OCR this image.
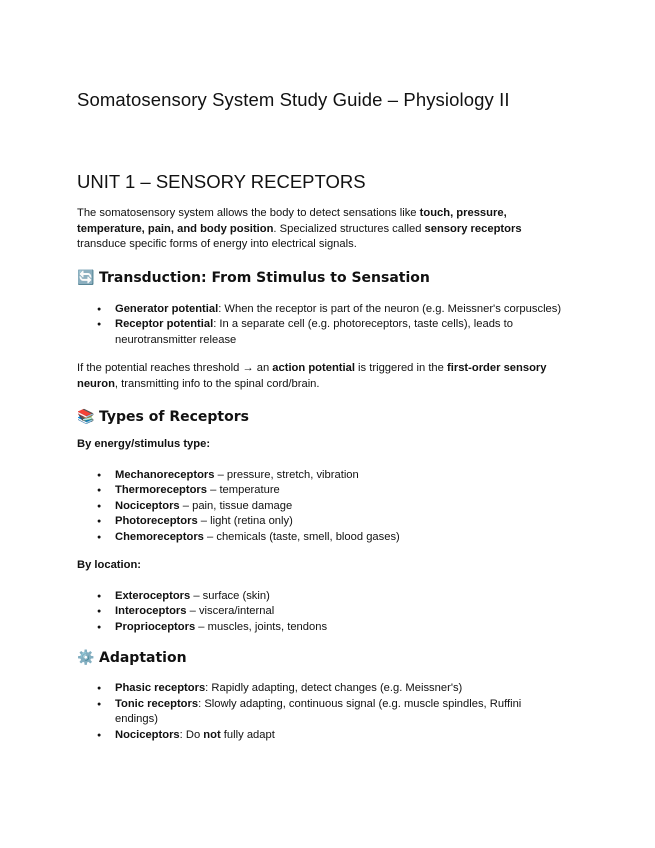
Somatosensory System Study Guide – Physiology II
UNIT 1 – SENSORY RECEPTORS

The somatosensory system allows the body to detect sensations like touch, pressure, temperature, pain, and body position. Specialized structures called sensory receptors transduce specific forms of energy into electrical signals.

🔄 Transduction: From Stimulus to Sensation
● Generator potential: When the receptor is part of the neuron (e.g. Meissner's corpuscles)
● Receptor potential: In a separate cell (e.g. photoreceptors, taste cells), leads to neurotransmitter release

If the potential reaches threshold → an action potential is triggered in the first-order sensory neuron, transmitting info to the spinal cord/brain.

📚 Types of Receptors

By energy/stimulus type:

● Mechanoreceptors – pressure, stretch, vibration
● Thermoreceptors – temperature
● Nociceptors – pain, tissue damage
● Photoreceptors – light (retina only)
● Chemoreceptors – chemicals (taste, smell, blood gases)

By location:

● Exteroceptors – surface (skin)
● Interoceptors – viscera/internal
● Proprioceptors – muscles, joints, tendons
⚙️ Adaptation
● Phasic receptors: Rapidly adapting, detect changes (e.g. Meissner's)
● Tonic receptors: Slowly adapting, continuous signal (e.g. muscle spindles, Ruffini endings)
● Nociceptors: Do not fully adapt
